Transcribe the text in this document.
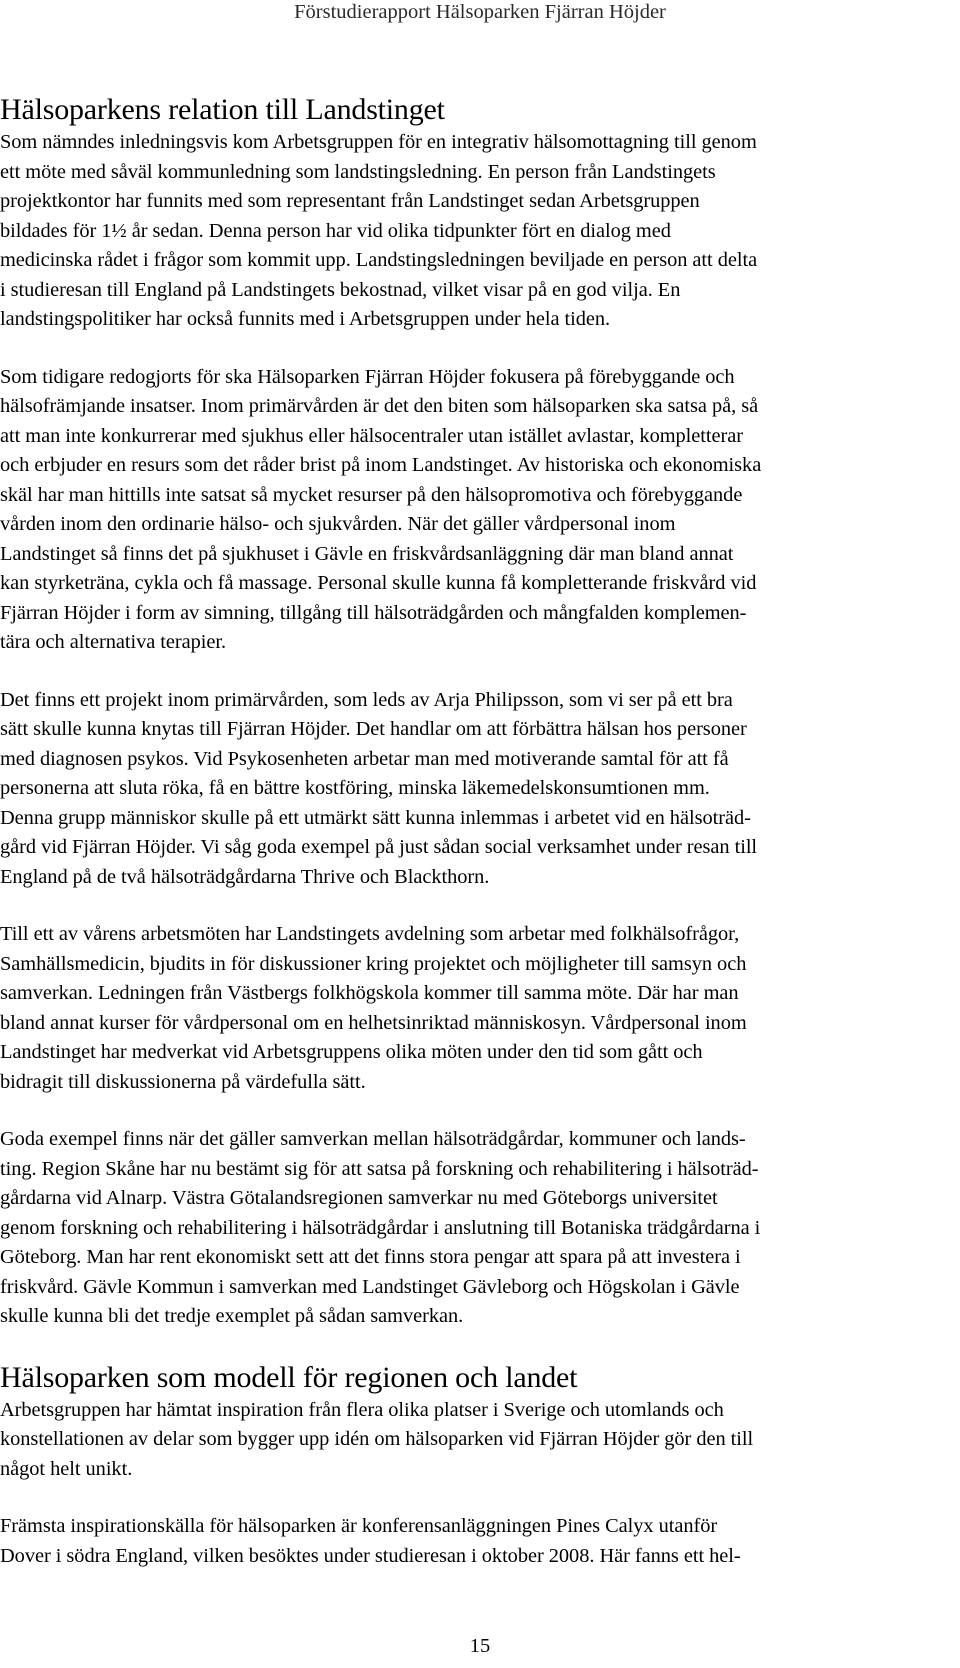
Förstudierapport Hälsoparken Fjärran Höjder
Hälsoparkens relation till Landstinget

Som nämndes inledningsvis kom Arbetsgruppen för en integrativ hälsomottagning till genom
ett möte med såväl kommunledning som landstingsledning. En person från Landstingets
projektkontor har funnits med som representant från Landstinget sedan Arbetsgruppen
bildades för 1½ år sedan. Denna person har vid olika tidpunkter fört en dialog med
medicinska rådet i frågor som kommit upp. Landstingsledningen beviljade en person att delta
i studieresan till England på Landstingets bekostnad, vilket visar på en god vilja. En
landstingspolitiker har också funnits med i Arbetsgruppen under hela tiden.

Som tidigare redogjorts för ska Hälsoparken Fjärran Höjder fokusera på förebyggande och
hälsofrämjande insatser. Inom primärvården är det den biten som hälsoparken ska satsa på, så
att man inte konkurrerar med sjukhus eller hälsocentraler utan istället avlastar, kompletterar
och erbjuder en resurs som det råder brist på inom Landstinget. Av historiska och ekonomiska
skäl har man hittills inte satsat så mycket resurser på den hälsopromotiva och förebyggande
vården inom den ordinarie hälso- och sjukvården. När det gäller vårdpersonal inom
Landstinget så finns det på sjukhuset i Gävle en friskvårdsanläggning där man bland annat
kan styrketräna, cykla och få massage. Personal skulle kunna få kompletterande friskvård vid
Fjärran Höjder i form av simning, tillgång till hälsoträdgården och mångfalden komplemen-
tära och alternativa terapier.

Det finns ett projekt inom primärvården, som leds av Arja Philipsson, som vi ser på ett bra
sätt skulle kunna knytas till Fjärran Höjder. Det handlar om att förbättra hälsan hos personer
med diagnosen psykos. Vid Psykosenheten arbetar man med motiverande samtal för att få
personerna att sluta röka, få en bättre kostföring, minska läkemedelskonsumtionen mm.
Denna grupp människor skulle på ett utmärkt sätt kunna inlemmas i arbetet vid en hälsoträd-
gård vid Fjärran Höjder. Vi såg goda exempel på just sådan social verksamhet under resan till
England på de två hälsoträdgårdarna Thrive och Blackthorn.

Till ett av vårens arbetsmöten har Landstingets avdelning som arbetar med folkhälsofrågor,
Samhällsmedicin, bjudits in för diskussioner kring projektet och möjligheter till samsyn och
samverkan. Ledningen från Västbergs folkhögskola kommer till samma möte. Där har man
bland annat kurser för vårdpersonal om en helhetsinriktad människosyn. Vårdpersonal inom
Landstinget har medverkat vid Arbetsgruppens olika möten under den tid som gått och
bidragit till diskussionerna på värdefulla sätt.

Goda exempel finns när det gäller samverkan mellan hälsoträdgårdar, kommuner och lands-
ting. Region Skåne har nu bestämt sig för att satsa på forskning och rehabilitering i hälsoträd-
gårdarna vid Alnarp. Västra Götalandsregionen samverkar nu med Göteborgs universitet
genom forskning och rehabilitering i hälsoträdgårdar i anslutning till Botaniska trädgårdarna i
Göteborg. Man har rent ekonomiskt sett att det finns stora pengar att spara på att investera i
friskvård. Gävle Kommun i samverkan med Landstinget Gävleborg och Högskolan i Gävle
skulle kunna bli det tredje exemplet på sådan samverkan.

Hälsoparken som modell för regionen och landet

Arbetsgruppen har hämtat inspiration från flera olika platser i Sverige och utomlands och
konstellationen av delar som bygger upp idén om hälsoparken vid Fjärran Höjder gör den till
något helt unikt.

Främsta inspirationskälla för hälsoparken är konferensanläggningen Pines Calyx utanför
Dover i södra England, vilken besöktes under studieresan i oktober 2008. Här fanns ett hel-

15
